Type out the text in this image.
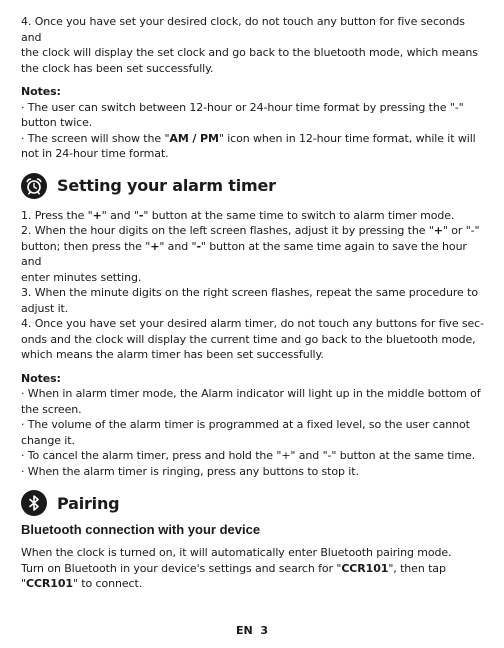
4. Once you have set your desired clock, do not touch any button for five seconds and

the clock will display the set clock and go back to the bluetooth mode, which means

the clock has been set successfully.

Notes:

· The user can switch between 12-hour or 24-hour time format by pressing the "-"

button twice.

· The screen will show the "AM / PM" icon when in 12-hour time format, while it will

not in 24-hour time format.

Setting your alarm timer

1. Press the "+" and "-" button at the same time to switch to alarm timer mode.

2. When the hour digits on the left screen flashes, adjust it by pressing the "+" or "-"

button; then press the "+" and "-" button at the same time again to save the hour and

enter minutes setting.

3. When the minute digits on the right screen flashes, repeat the same procedure to

adjust it.

4. Once you have set your desired alarm timer, do not touch any buttons for five sec-

onds and the clock will display the current time and go back to the bluetooth mode,

which means the alarm timer has been set successfully.

Notes:

· When in alarm timer mode, the Alarm indicator will light up in the middle bottom of

the screen.

· The volume of the alarm timer is programmed at a fixed level, so the user cannot

change it.

· To cancel the alarm timer, press and hold the "+" and "-" button at the same time.

· When the alarm timer is ringing, press any buttons to stop it.

Pairing
Bluetooth connection with your device

When the clock is turned on, it will automatically enter Bluetooth pairing mode.

Turn on Bluetooth in your device's settings and search for "CCR101", then tap

"CCR101" to connect.

EN  3
